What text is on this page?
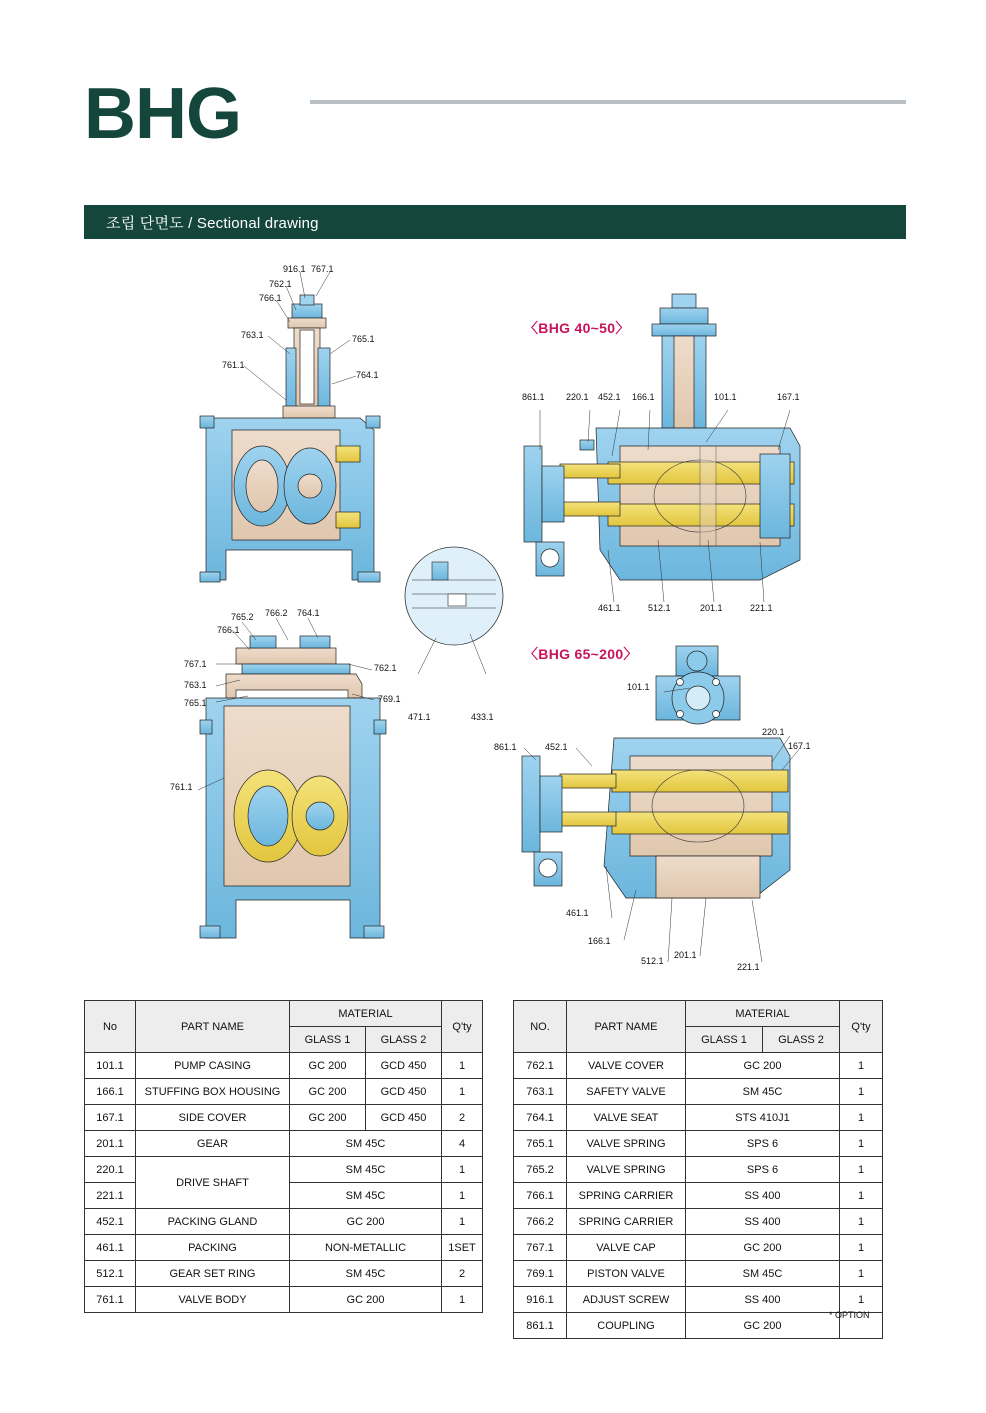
BHG
조립 단면도 / Sectional drawing
〈BHG 40~50〉
〈BHG 65~200〉
916.1 767.1
762.1
766.1
763.1	765.1
764.1
761.1
765.2 766.2 764.1
766.1
767.1	762.1
763.1
769.1
765.1
761.1
471.1	433.1
861.1 220.1 452.1 166.1	101.1	167.1
461.1	512.1	201.1	221.1
101.1
220.1
167.1
861.1	452.1
461.1
166.1
512.1
201.1
221.1
No	PART NAME	MATERIAL		Q'ty
		GLASS 1	GLASS 2	
101.1	PUMP CASING	GC 200	GCD 450	1
166.1	STUFFING BOX HOUSING	GC 200	GCD 450	1
167.1	SIDE COVER	GC 200	GCD 450	2
201.1	GEAR	SM 45C		4
220.1	DRIVE SHAFT	SM 45C		1
221.1		SM 45C		1
452.1	PACKING GLAND	GC 200		1
461.1	PACKING	NON-METALLIC		1SET
512.1	GEAR SET RING	SM 45C		2
761.1	VALVE BODY	GC 200		1
NO.	PART NAME	MATERIAL		Q'ty
		GLASS 1	GLASS 2	
762.1	VALVE COVER	GC 200		1
763.1	SAFETY VALVE	SM 45C		1
764.1	VALVE SEAT	STS 410J1		1
765.1	VALVE SPRING	SPS 6		1
765.2	VALVE SPRING	SPS 6		1
766.1	SPRING CARRIER	SS 400		1
766.2	SPRING CARRIER	SS 400		1
767.1	VALVE CAP	GC 200		1
769.1	PISTON VALVE	SM 45C		1
916.1	ADJUST SCREW	SS 400		1
861.1	COUPLING	GC 200		
* OPTION
